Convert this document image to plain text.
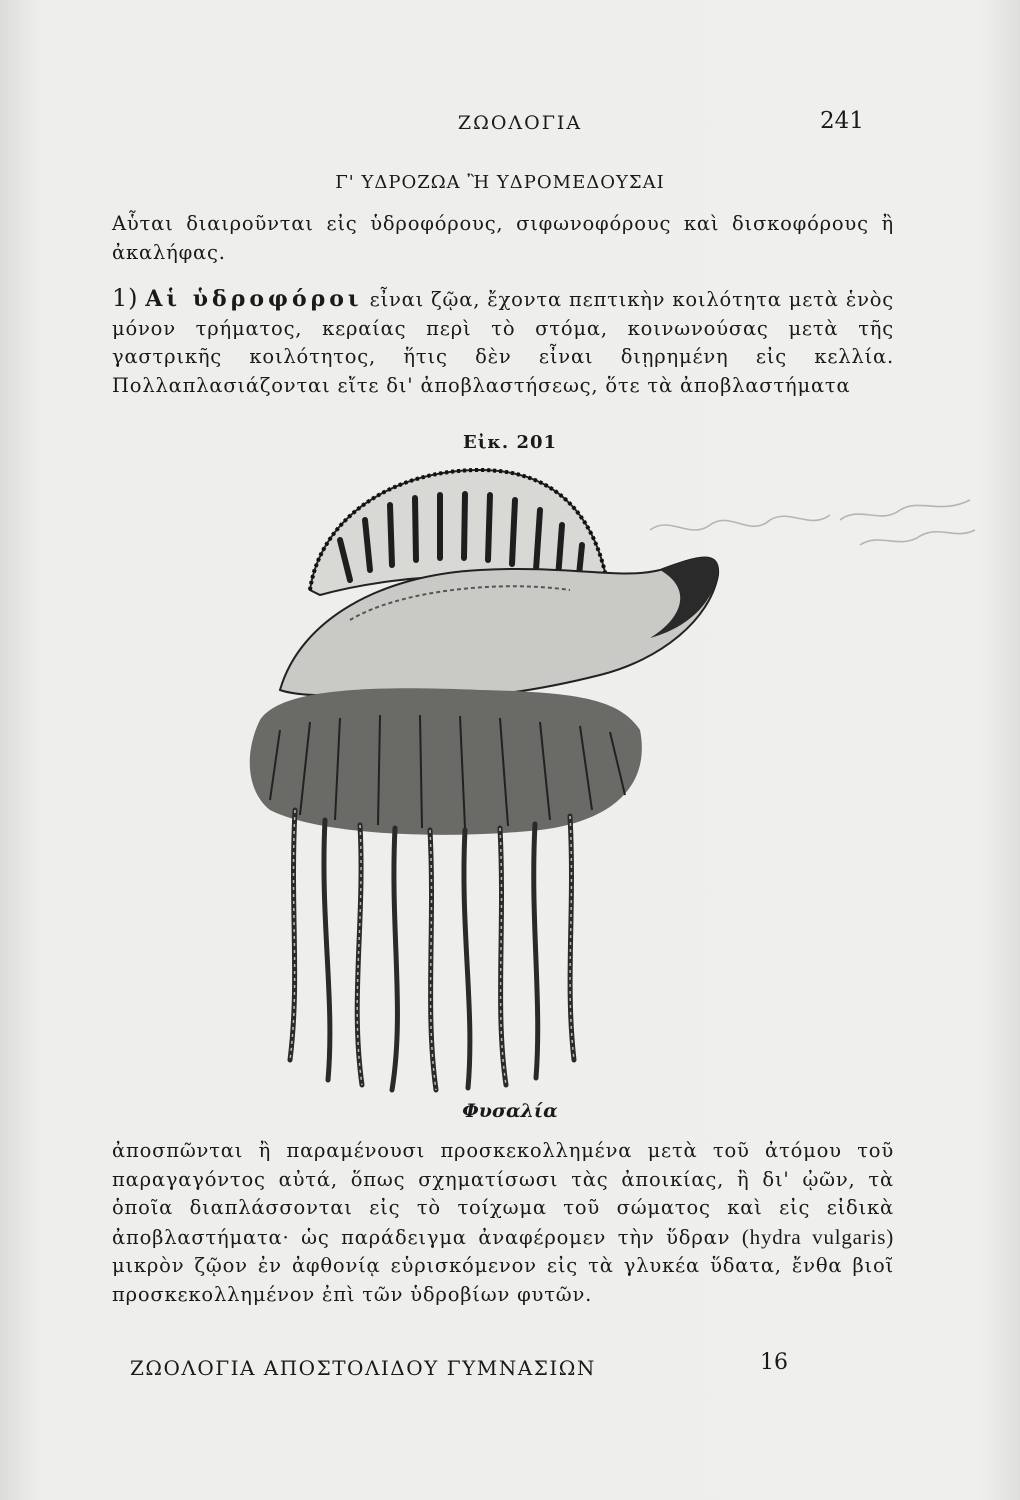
ΖΩΟΛΟΓΙΑ	241
Γ' ΥΔΡΟΖΩΑ Ἢ ΥΔΡΟΜΕΔΟΥΣΑΙ

Αὗται διαιροῦνται εἰς ὑδροφόρους, σιφωνοφόρους καὶ δισκοφόρους ἢ ἀκαλήφας.

1) Αἱ ὑδροφόροι εἶναι ζῷα, ἔχοντα πεπτικὴν κοιλότητα μετὰ ἑνὸς μόνον τρήματος, κεραίας περὶ τὸ στόμα, κοινωνούσας μετὰ τῆς γαστρικῆς κοιλότητος, ἥτις δὲν εἶναι διῃρημένη εἰς κελλία. Πολλαπλασιάζονται εἴτε δι' ἀποβλαστήσεως, ὅτε τὰ ἀποβλαστήματα

Εἰκ. 201
Φυσαλία

ἀποσπῶνται ἢ παραμένουσι προσκεκολλημένα μετὰ τοῦ ἀτόμου τοῦ παραγαγόντος αὐτά, ὅπως σχηματίσωσι τὰς ἀποικίας, ἢ δι' ᾠῶν, τὰ ὁποῖα διαπλάσσονται εἰς τὸ τοίχωμα τοῦ σώματος καὶ εἰς εἰδικὰ ἀποβλαστήματα· ὡς παράδειγμα ἀναφέρομεν τὴν ὕδραν (hydra vulgaris) μικρὸν ζῷον ἐν ἀφθονίᾳ εὑρισκόμενον εἰς τὰ γλυκέα ὕδατα, ἔνθα βιοῖ προσκεκολλημένον ἐπὶ τῶν ὑδροβίων φυτῶν.

ΖΩΟΛΟΓΙΑ ΑΠΟΣΤΟΛΙΔΟΥ ΓΥΜΝΑΣΙΩΝ	16
